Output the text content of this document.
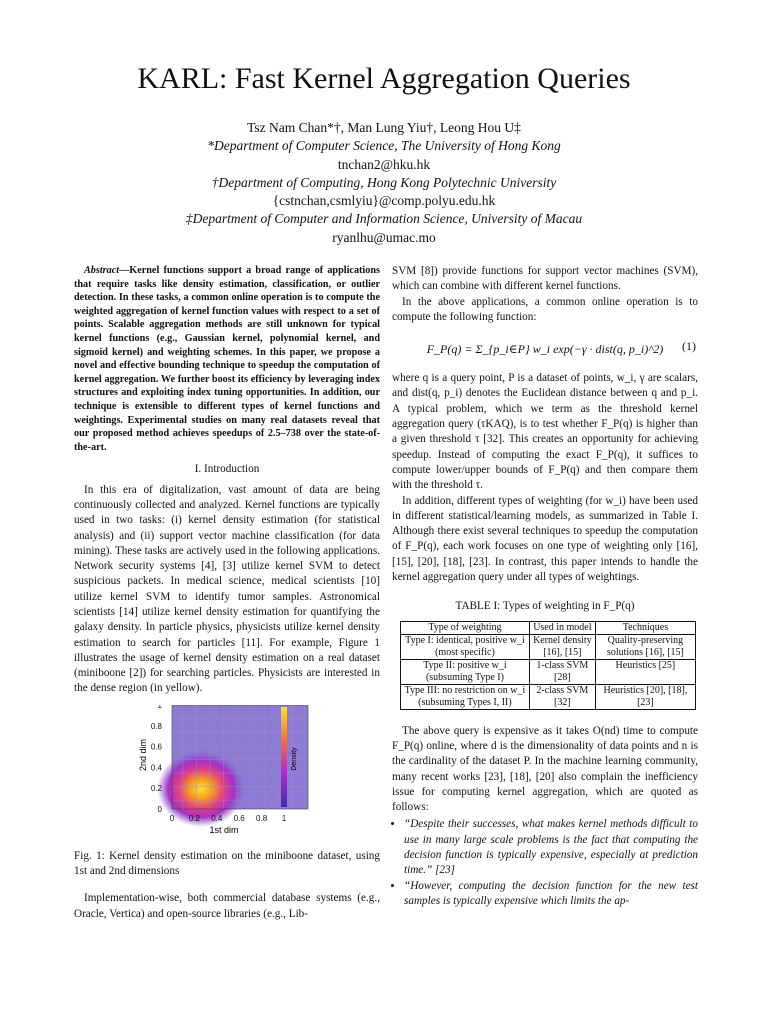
KARL: Fast Kernel Aggregation Queries
Tsz Nam Chan*†, Man Lung Yiu†, Leong Hou U‡
*Department of Computer Science, The University of Hong Kong
tnchan2@hku.hk
†Department of Computing, Hong Kong Polytechnic University
{cstnchan,csmlyiu}@comp.polyu.edu.hk
‡Department of Computer and Information Science, University of Macau
ryanlhu@umac.mo

Abstract—Kernel functions support a broad range of applications that require tasks like density estimation, classification, or outlier detection. In these tasks, a common online operation is to compute the weighted aggregation of kernel function values with respect to a set of points. Scalable aggregation methods are still unknown for typical kernel functions (e.g., Gaussian kernel, polynomial kernel, and sigmoid kernel) and weighting schemes. In this paper, we propose a novel and effective bounding technique to speedup the computation of kernel aggregation. We further boost its efficiency by leveraging index structures and exploiting index tuning opportunities. In addition, our technique is extensible to different types of kernel functions and weightings. Experimental studies on many real datasets reveal that our proposed method achieves speedups of 2.5–738 over the state-of-the-art.

I. Introduction

In this era of digitalization, vast amount of data are being continuously collected and analyzed. Kernel functions are typically used in two tasks: (i) kernel density estimation (for statistical analysis) and (ii) support vector machine classification (for data mining). These tasks are actively used in the following applications. Network security systems [4], [3] utilize kernel SVM to detect suspicious packets. In medical science, medical scientists [10] utilize kernel SVM to identify tumor samples. Astronomical scientists [14] utilize kernel density estimation for quantifying the galaxy density. In particle physics, physicists utilize kernel density estimation to search for particles [11]. For example, Figure 1 illustrates the usage of kernel density estimation on a real dataset (miniboone [2]) for searching particles. Physicists are interested in the dense region (in yellow).

Density
0
0.2
0.4
0.6
0.8
1
0 0.2 0.4 0.6 0.8 1
2nd dim
1st dim

Fig. 1: Kernel density estimation on the miniboone dataset, using 1st and 2nd dimensions

Implementation-wise, both commercial database systems (e.g., Oracle, Vertica) and open-source libraries (e.g., Lib-

SVM [8]) provide functions for support vector machines (SVM), which can combine with different kernel functions.

In the above applications, a common online operation is to compute the following function:

F_P(q) = Σ_{p_i∈P} w_i exp(−γ · dist(q, p_i)^2) (1)

where q is a query point, P is a dataset of points, w_i, γ are scalars, and dist(q, p_i) denotes the Euclidean distance between q and p_i. A typical problem, which we term as the threshold kernel aggregation query (τKAQ), is to test whether F_P(q) is higher than a given threshold τ [32]. This creates an opportunity for achieving speedup. Instead of computing the exact F_P(q), it suffices to compute lower/upper bounds of F_P(q) and then compare them with the threshold τ.

In addition, different types of weighting (for w_i) have been used in different statistical/learning models, as summarized in Table I. Although there exist several techniques to speedup the computation of F_P(q), each work focuses on one type of weighting only [16], [15], [20], [18], [23]. In contrast, this paper intends to handle the kernel aggregation query under all types of weightings.

TABLE I: Types of weighting in F_P(q)
Type of weighting	Used in model	Techniques
Type I: identical, positive w_i (most specific)	Kernel density [16], [15]	Quality-preserving solutions [16], [15]
Type II: positive w_i (subsuming Type I)	1-class SVM [28]	Heuristics [25]
Type III: no restriction on w_i (subsuming Types I, II)	2-class SVM [32]	Heuristics [20], [18], [23]

The above query is expensive as it takes O(nd) time to compute F_P(q) online, where d is the dimensionality of data points and n is the cardinality of the dataset P. In the machine learning community, many recent works [23], [18], [20] also complain the inefficiency issue for computing kernel aggregation, which are quoted as follows:

• “Despite their successes, what makes kernel methods difficult to use in many large scale problems is the fact that computing the decision function is typically expensive, especially at prediction time.” [23]
• “However, computing the decision function for the new test samples is typically expensive which limits the ap-
